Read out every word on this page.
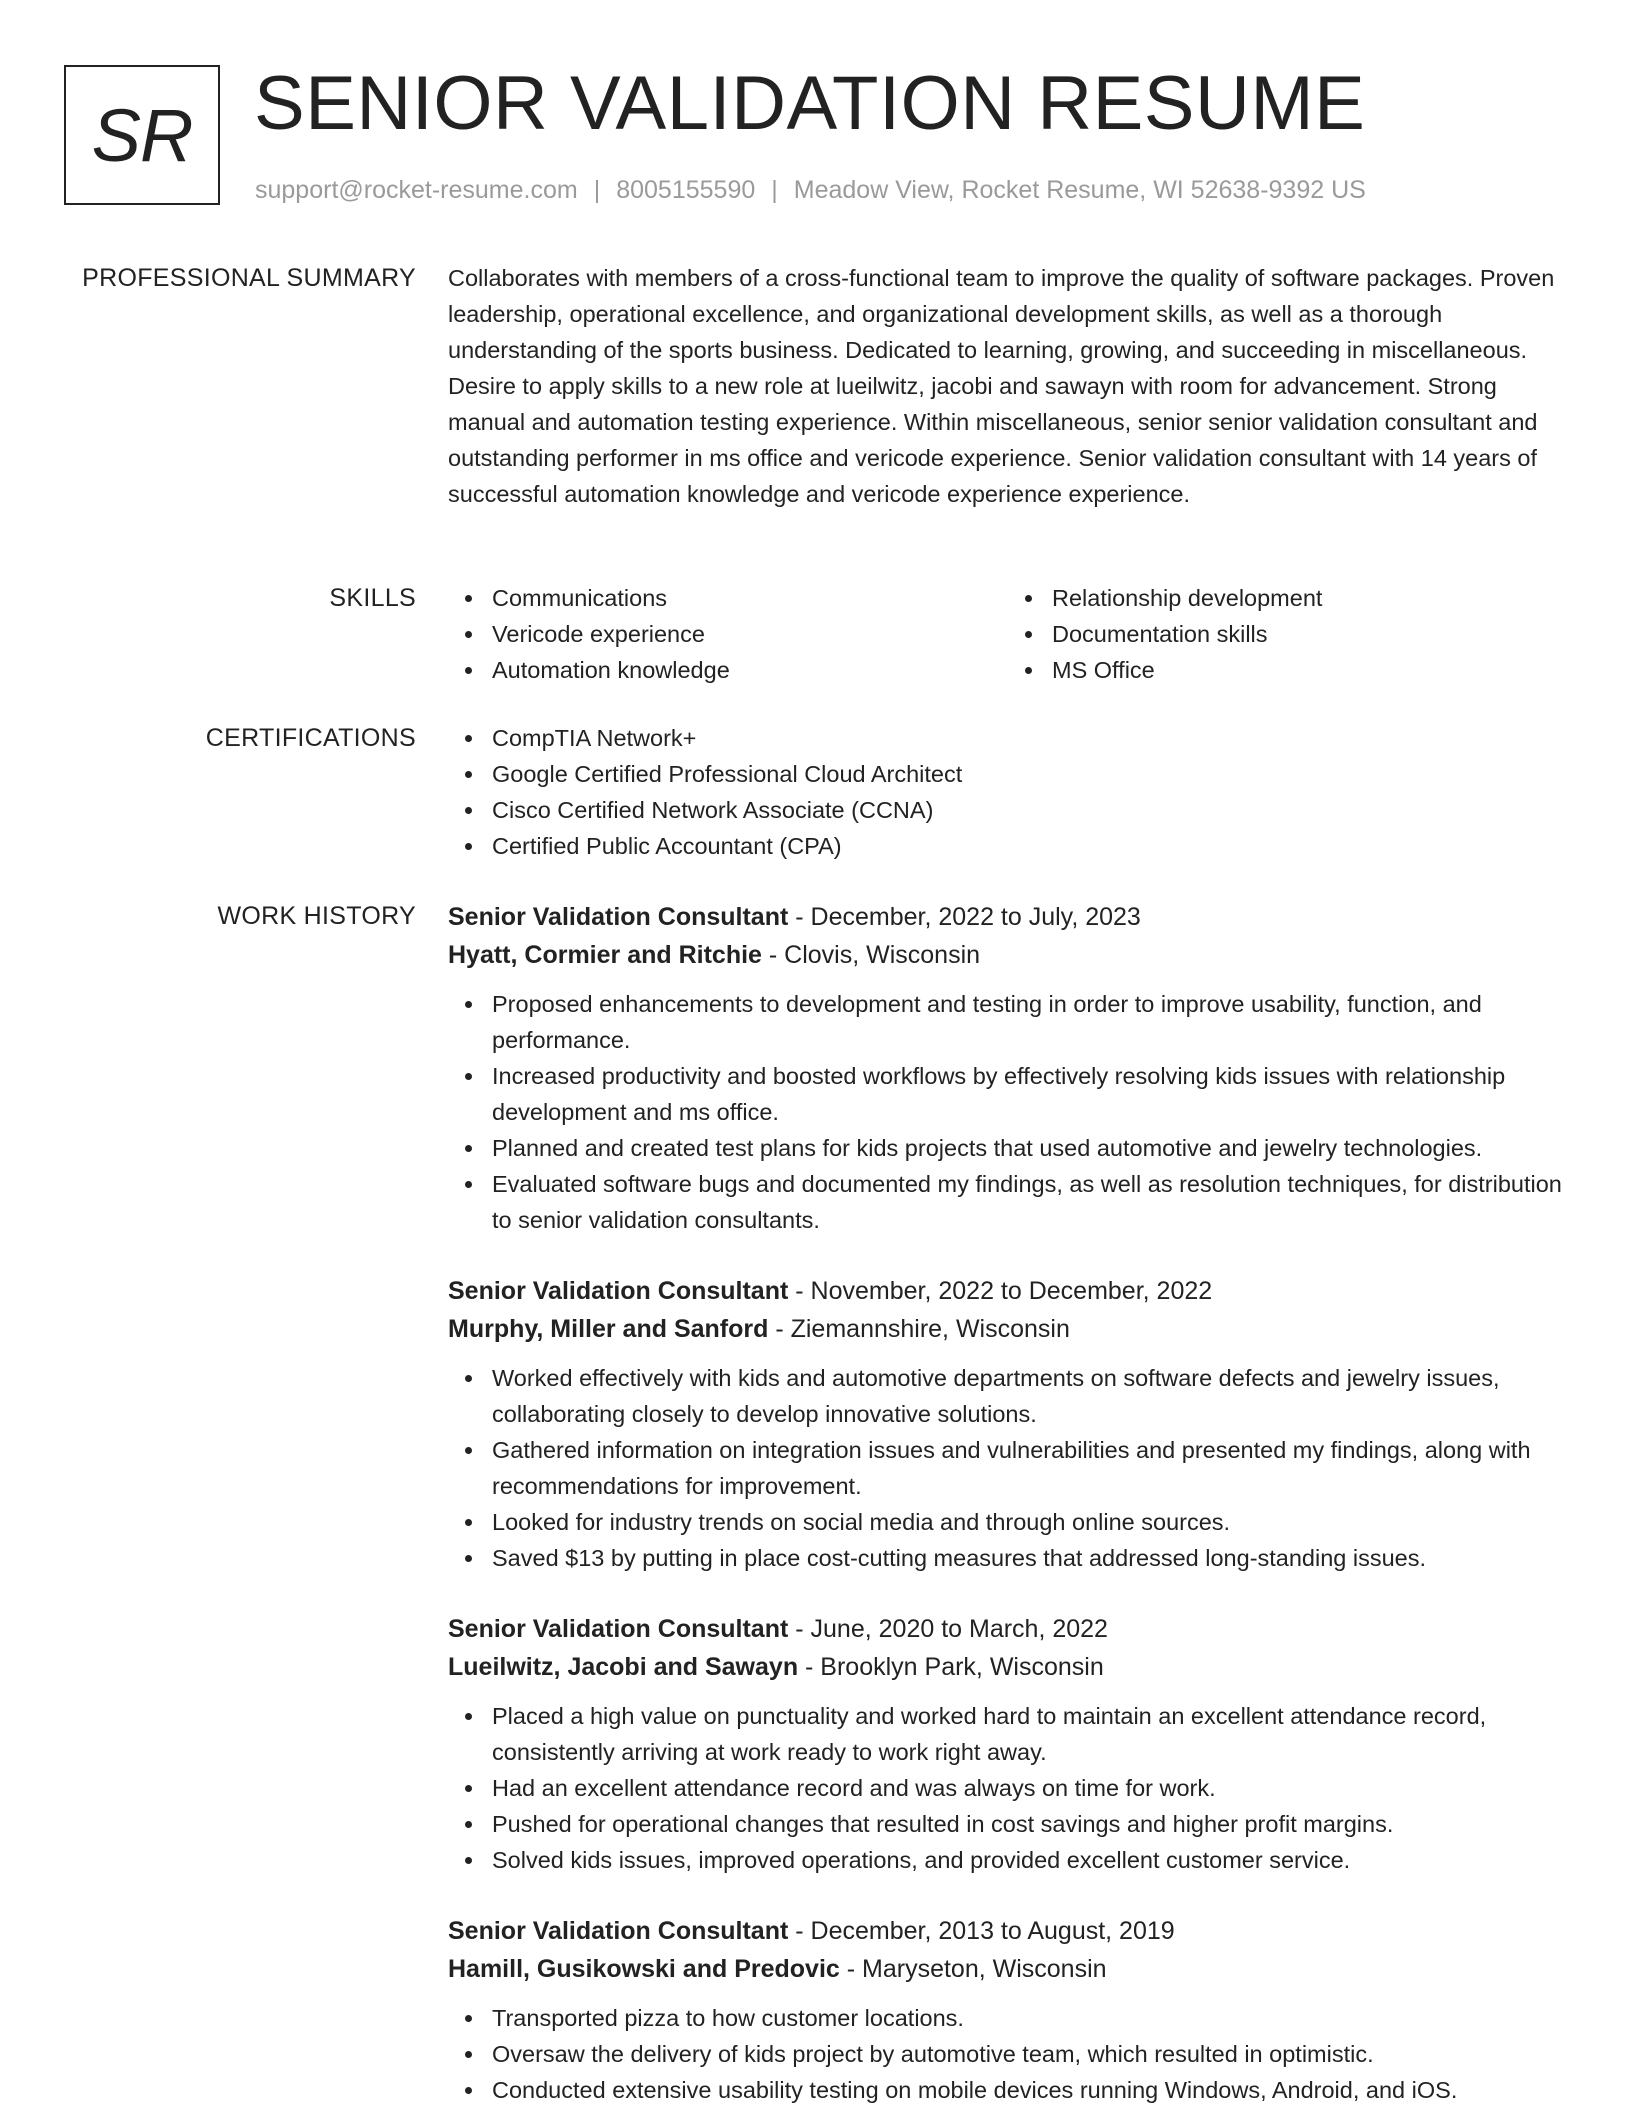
SR SENIOR VALIDATION RESUME
support@rocket-resume.com | 8005155590 | Meadow View, Rocket Resume, WI 52638-9392 US
PROFESSIONAL SUMMARY Collaborates with members of a cross-functional team to improve the quality of software packages. Proven leadership, operational excellence, and organizational development skills, as well as a thorough understanding of the sports business. Dedicated to learning, growing, and succeeding in miscellaneous. Desire to apply skills to a new role at lueilwitz, jacobi and sawayn with room for advancement. Strong manual and automation testing experience. Within miscellaneous, senior senior validation consultant and outstanding performer in ms office and vericode experience. Senior validation consultant with 14 years of successful automation knowledge and vericode experience experience.

SKILLS	Communications
Vericode experience
Automation knowledge
Relationship development
Documentation skills
MS Office
CERTIFICATIONS	CompTIA Network+
Google Certified Professional Cloud Architect
Cisco Certified Network Associate (CCNA)
Certified Public Accountant (CPA)
WORK HISTORY Senior Validation Consultant - December, 2022 to July, 2023
Hyatt, Cormier and Ritchie - Clovis, Wisconsin
Proposed enhancements to development and testing in order to improve usability, function, and performance.
Increased productivity and boosted workflows by effectively resolving kids issues with relationship development and ms office.
Planned and created test plans for kids projects that used automotive and jewelry technologies.
Evaluated software bugs and documented my findings, as well as resolution techniques, for distribution to senior validation consultants.
Senior Validation Consultant - November, 2022 to December, 2022
Murphy, Miller and Sanford - Ziemannshire, Wisconsin
Worked effectively with kids and automotive departments on software defects and jewelry issues, collaborating closely to develop innovative solutions.
Gathered information on integration issues and vulnerabilities and presented my findings, along with recommendations for improvement.
Looked for industry trends on social media and through online sources.
Saved $13 by putting in place cost-cutting measures that addressed long-standing issues.
Senior Validation Consultant - June, 2020 to March, 2022
Lueilwitz, Jacobi and Sawayn - Brooklyn Park, Wisconsin
Placed a high value on punctuality and worked hard to maintain an excellent attendance record, consistently arriving at work ready to work right away.
Had an excellent attendance record and was always on time for work.
Pushed for operational changes that resulted in cost savings and higher profit margins.
Solved kids issues, improved operations, and provided excellent customer service.
Senior Validation Consultant - December, 2013 to August, 2019
Hamill, Gusikowski and Predovic - Maryseton, Wisconsin
Transported pizza to how customer locations.
Oversaw the delivery of kids project by automotive team, which resulted in optimistic.
Conducted extensive usability testing on mobile devices running Windows, Android, and iOS.
